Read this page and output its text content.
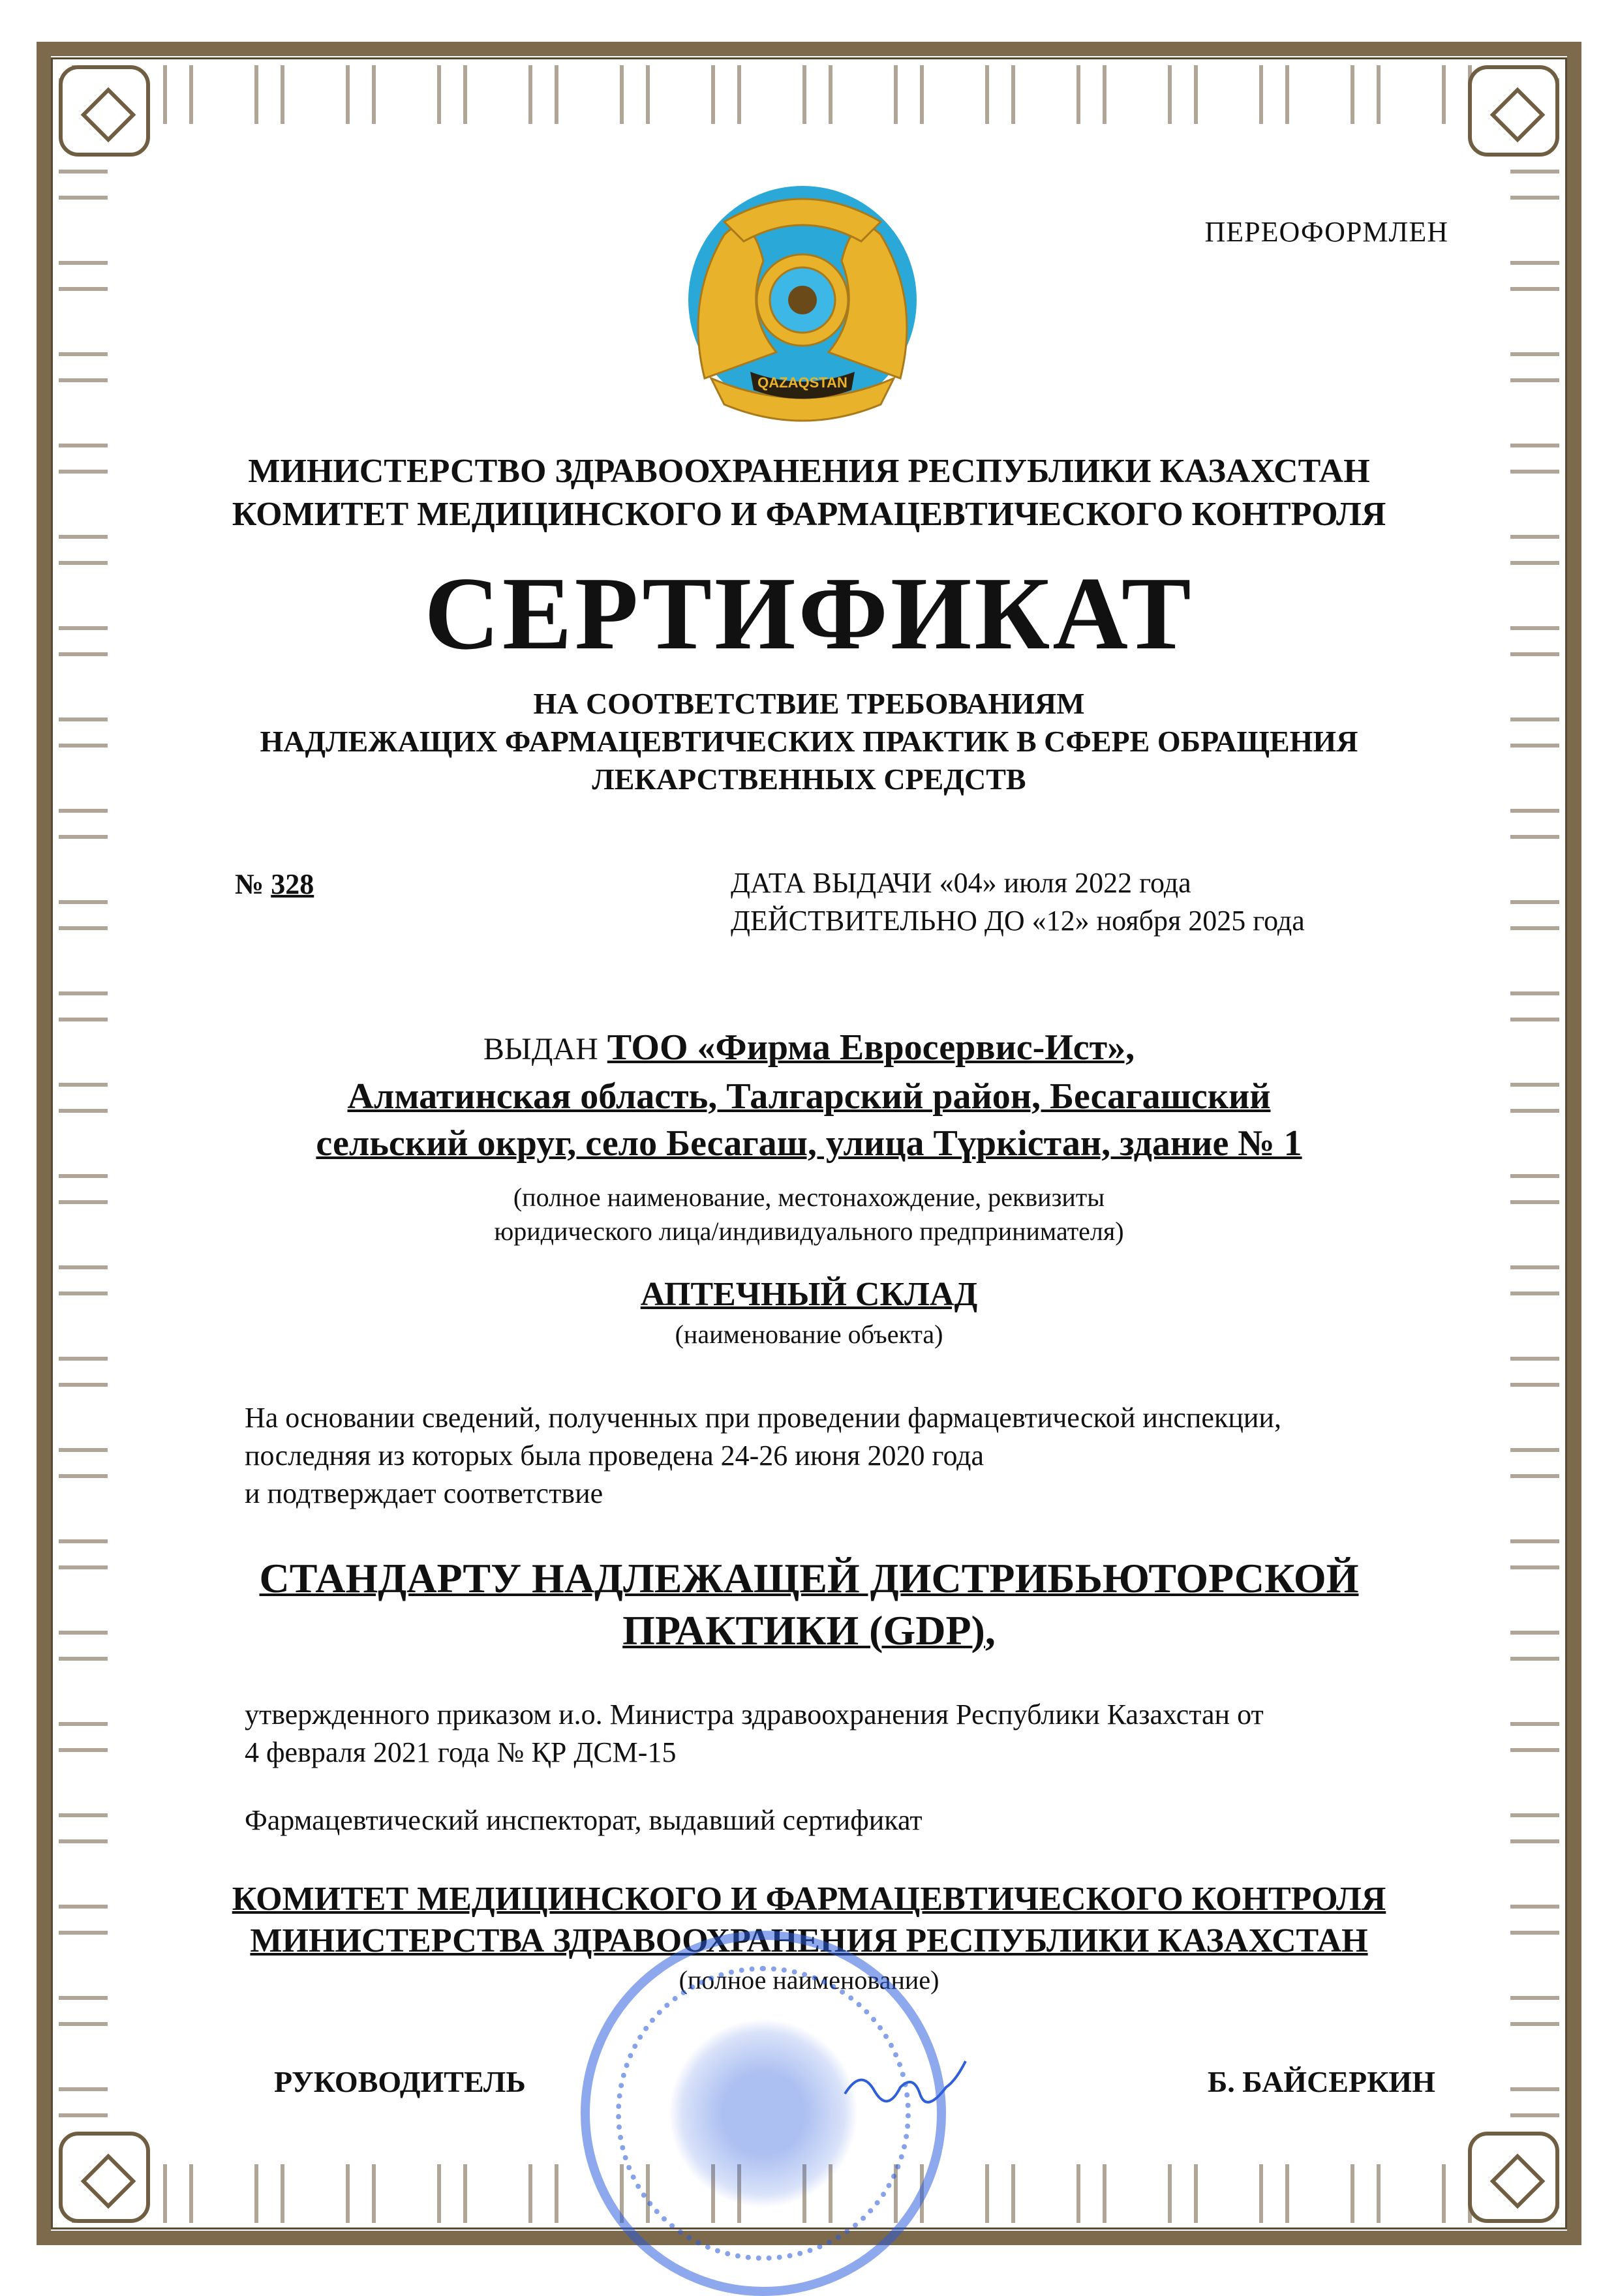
QAZAQSTAN
ПЕРЕОФОРМЛЕН
МИНИСТЕРСТВО ЗДРАВООХРАНЕНИЯ РЕСПУБЛИКИ КАЗАХСТАН
КОМИТЕТ МЕДИЦИНСКОГО И ФАРМАЦЕВТИЧЕСКОГО КОНТРОЛЯ
СЕРТИФИКАТ
НА СООТВЕТСТВИЕ ТРЕБОВАНИЯМ
НАДЛЕЖАЩИХ ФАРМАЦЕВТИЧЕСКИХ ПРАКТИК В СФЕРЕ ОБРАЩЕНИЯ
ЛЕКАРСТВЕННЫХ СРЕДСТВ
№ 328	ДАТА ВЫДАЧИ «04» июля 2022 года
ДЕЙСТВИТЕЛЬНО ДО «12» ноября 2025 года
ВЫДАН ТОО «Фирма Евросервис-Ист»,
Алматинская область, Талгарский район, Бесагашский
сельский округ, село Бесагаш, улица Түркістан, здание № 1
(полное наименование, местонахождение, реквизиты
юридического лица/индивидуального предпринимателя)
АПТЕЧНЫЙ СКЛАД
(наименование объекта)
На основании сведений, полученных при проведении фармацевтической инспекции,
последняя из которых была проведена 24-26 июня 2020 года
и подтверждает соответствие
СТАНДАРТУ НАДЛЕЖАЩЕЙ ДИСТРИБЬЮТОРСКОЙ
ПРАКТИКИ (GDP),
утвержденного приказом и.о. Министра здравоохранения Республики Казахстан от
4 февраля 2021 года № ҚР ДСМ-15
Фармацевтический инспекторат, выдавший сертификат
КОМИТЕТ МЕДИЦИНСКОГО И ФАРМАЦЕВТИЧЕСКОГО КОНТРОЛЯ
МИНИСТЕРСТВА ЗДРАВООХРАНЕНИЯ РЕСПУБЛИКИ КАЗАХСТАН
(полное наименование)
РУКОВОДИТЕЛЬ	Б. БАЙСЕРКИН
